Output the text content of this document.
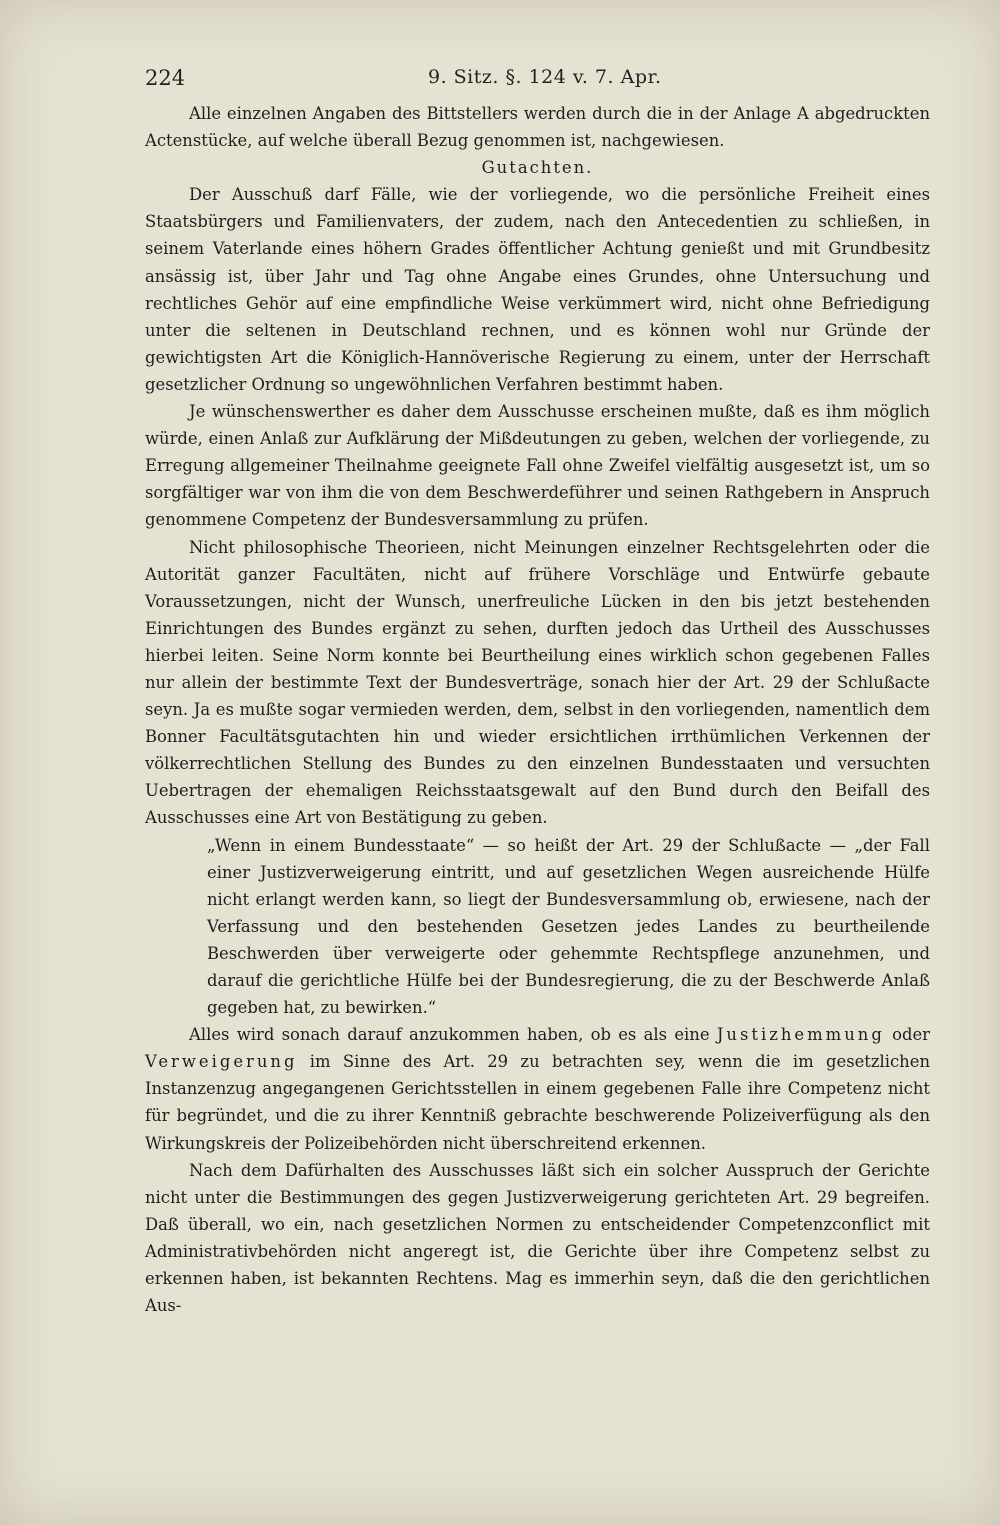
224	9. Sitz. §. 124 v. 7. Apr.

Alle einzelnen Angaben des Bittstellers werden durch die in der Anlage A abgedruckten Actenstücke, auf welche überall Bezug genommen ist, nachgewiesen.

Gutachten.

Der Ausschuß darf Fälle, wie der vorliegende, wo die persönliche Freiheit eines Staatsbürgers und Familienvaters, der zudem, nach den Antecedentien zu schließen, in seinem Vaterlande eines höhern Grades öffentlicher Achtung genießt und mit Grundbesitz ansässig ist, über Jahr und Tag ohne Angabe eines Grundes, ohne Untersuchung und rechtliches Gehör auf eine empfindliche Weise verkümmert wird, nicht ohne Befriedigung unter die seltenen in Deutschland rechnen, und es können wohl nur Gründe der gewichtigsten Art die Königlich-Hannöverische Regierung zu einem, unter der Herrschaft gesetzlicher Ordnung so ungewöhnlichen Verfahren bestimmt haben.

Je wünschenswerther es daher dem Ausschusse erscheinen mußte, daß es ihm möglich würde, einen Anlaß zur Aufklärung der Mißdeutungen zu geben, welchen der vorliegende, zu Erregung allgemeiner Theilnahme geeignete Fall ohne Zweifel vielfältig ausgesetzt ist, um so sorgfältiger war von ihm die von dem Beschwerdeführer und seinen Rathgebern in Anspruch genommene Competenz der Bundesversammlung zu prüfen.

Nicht philosophische Theorieen, nicht Meinungen einzelner Rechtsgelehrten oder die Autorität ganzer Facultäten, nicht auf frühere Vorschläge und Entwürfe gebaute Voraussetzungen, nicht der Wunsch, unerfreuliche Lücken in den bis jetzt bestehenden Einrichtungen des Bundes ergänzt zu sehen, durften jedoch das Urtheil des Ausschusses hierbei leiten. Seine Norm konnte bei Beurtheilung eines wirklich schon gegebenen Falles nur allein der bestimmte Text der Bundesverträge, sonach hier der Art. 29 der Schlußacte seyn. Ja es mußte sogar vermieden werden, dem, selbst in den vorliegenden, namentlich dem Bonner Facultätsgutachten hin und wieder ersichtlichen irrthümlichen Verkennen der völkerrechtlichen Stellung des Bundes zu den einzelnen Bundesstaaten und versuchten Uebertragen der ehemaligen Reichsstaatsgewalt auf den Bund durch den Beifall des Ausschusses eine Art von Bestätigung zu geben.

„Wenn in einem Bundesstaate“ — so heißt der Art. 29 der Schlußacte — „der Fall einer Justizverweigerung eintritt, und auf gesetzlichen Wegen ausreichende Hülfe nicht erlangt werden kann, so liegt der Bundesversammlung ob, erwiesene, nach der Verfassung und den bestehenden Gesetzen jedes Landes zu beurtheilende Beschwerden über verweigerte oder gehemmte Rechtspflege anzunehmen, und darauf die gerichtliche Hülfe bei der Bundesregierung, die zu der Beschwerde Anlaß gegeben hat, zu bewirken.“

Alles wird sonach darauf anzukommen haben, ob es als eine Justizhemmung oder Verweigerung im Sinne des Art. 29 zu betrachten sey, wenn die im gesetzlichen Instanzenzug angegangenen Gerichtsstellen in einem gegebenen Falle ihre Competenz nicht für begründet, und die zu ihrer Kenntniß gebrachte beschwerende Polizeiverfügung als den Wirkungskreis der Polizeibehörden nicht überschreitend erkennen.

Nach dem Dafürhalten des Ausschusses läßt sich ein solcher Ausspruch der Gerichte nicht unter die Bestimmungen des gegen Justizverweigerung gerichteten Art. 29 begreifen. Daß überall, wo ein, nach gesetzlichen Normen zu entscheidender Competenzconflict mit Administrativbehörden nicht angeregt ist, die Gerichte über ihre Competenz selbst zu erkennen haben, ist bekannten Rechtens. Mag es immerhin seyn, daß die den gerichtlichen Aus-
